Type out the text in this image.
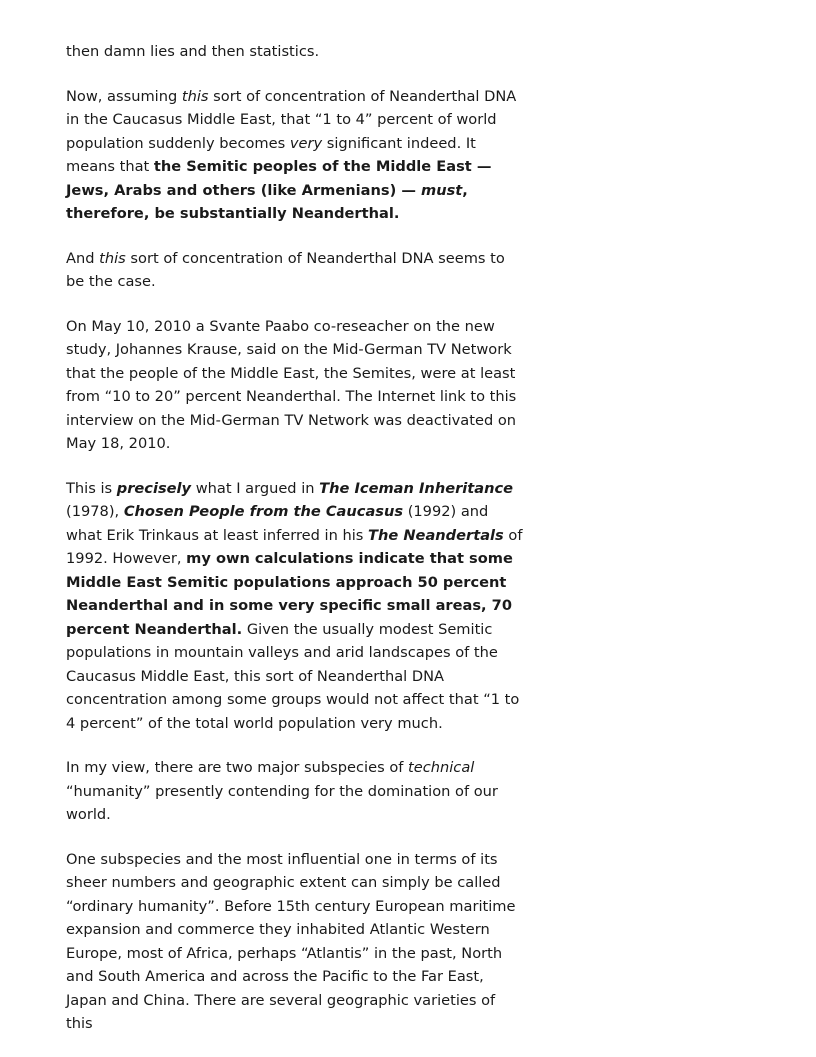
then damn lies and then statistics.

Now, assuming this sort of concentration of Neanderthal DNA in the Caucasus Middle East, that “1 to 4” percent of world population suddenly becomes very significant indeed. It means that the Semitic peoples of the Middle East — Jews, Arabs and others (like Armenians) — must, therefore, be substantially Neanderthal.

And this sort of concentration of Neanderthal DNA seems to be the case.

On May 10, 2010 a Svante Paabo co-reseacher on the new study, Johannes Krause, said on the Mid-German TV Network that the people of the Middle East, the Semites, were at least from “10 to 20” percent Neanderthal. The Internet link to this interview on the Mid-German TV Network was deactivated on May 18, 2010.

This is precisely what I argued in The Iceman Inheritance (1978), Chosen People from the Caucasus (1992) and what Erik Trinkaus at least inferred in his The Neandertals of 1992. However, my own calculations indicate that some Middle East Semitic populations approach 50 percent Neanderthal and in some very specific small areas, 70 percent Neanderthal. Given the usually modest Semitic populations in mountain valleys and arid landscapes of the Caucasus Middle East, this sort of Neanderthal DNA concentration among some groups would not affect that “1 to 4 percent” of the total world population very much.

In my view, there are two major subspecies of technical “humanity” presently contending for the domination of our world.

One subspecies and the most influential one in terms of its sheer numbers and geographic extent can simply be called “ordinary humanity”. Before 15th century European maritime expansion and commerce they inhabited Atlantic Western Europe, most of Africa, perhaps “Atlantis” in the past, North and South America and across the Pacific to the Far East, Japan and China. There are several geographic varieties of this
